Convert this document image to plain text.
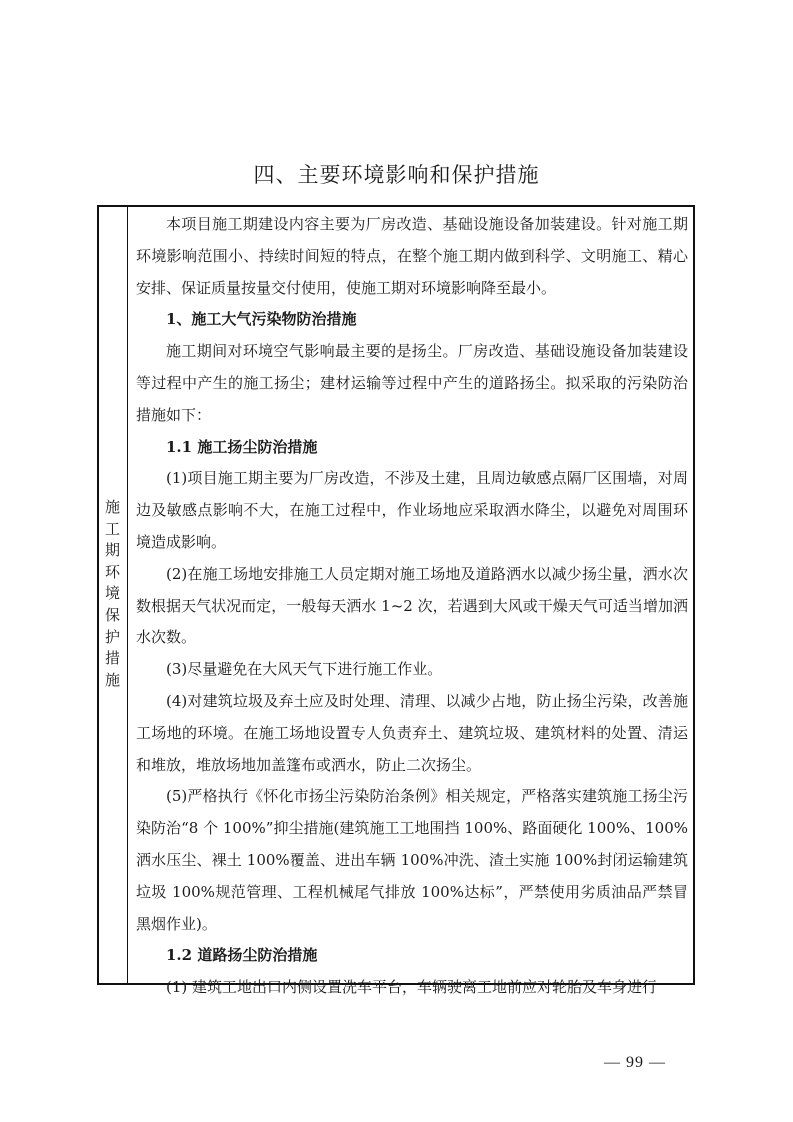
四、主要环境影响和保护措施
施工期环境保护措施

本项目施工期建设内容主要为厂房改造、基础设施设备加装建设。针对施工期环境影响范围小、持续时间短的特点，在整个施工期内做到科学、文明施工、精心安排、保证质量按量交付使用，使施工期对环境影响降至最小。

1、施工大气污染物防治措施

施工期间对环境空气影响最主要的是扬尘。厂房改造、基础设施设备加装建设等过程中产生的施工扬尘；建材运输等过程中产生的道路扬尘。拟采取的污染防治措施如下：

1.1 施工扬尘防治措施

(1)项目施工期主要为厂房改造，不涉及土建，且周边敏感点隔厂区围墙，对周边及敏感点影响不大，在施工过程中，作业场地应采取洒水降尘，以避免对周围环境造成影响。

(2)在施工场地安排施工人员定期对施工场地及道路洒水以减少扬尘量，洒水次数根据天气状况而定，一般每天洒水 1~2 次，若遇到大风或干燥天气可适当增加洒水次数。

(3)尽量避免在大风天气下进行施工作业。

(4)对建筑垃圾及弃土应及时处理、清理、以减少占地，防止扬尘污染，改善施工场地的环境。在施工场地设置专人负责弃土、建筑垃圾、建筑材料的处置、清运和堆放，堆放场地加盖篷布或洒水，防止二次扬尘。

(5)严格执行《怀化市扬尘污染防治条例》相关规定，严格落实建筑施工扬尘污染防治“8 个 100%”抑尘措施(建筑施工工地围挡 100%、路面硬化 100%、100%洒水压尘、裸土 100%覆盖、进出车辆 100%冲洗、渣土实施 100%封闭运输建筑垃圾 100%规范管理、工程机械尾气排放 100%达标”，严禁使用劣质油品严禁冒黑烟作业)。

1.2 道路扬尘防治措施

(1) 建筑工地出口内侧设置洗车平台，车辆驶离工地前应对轮胎及车身进行

— 99 —
